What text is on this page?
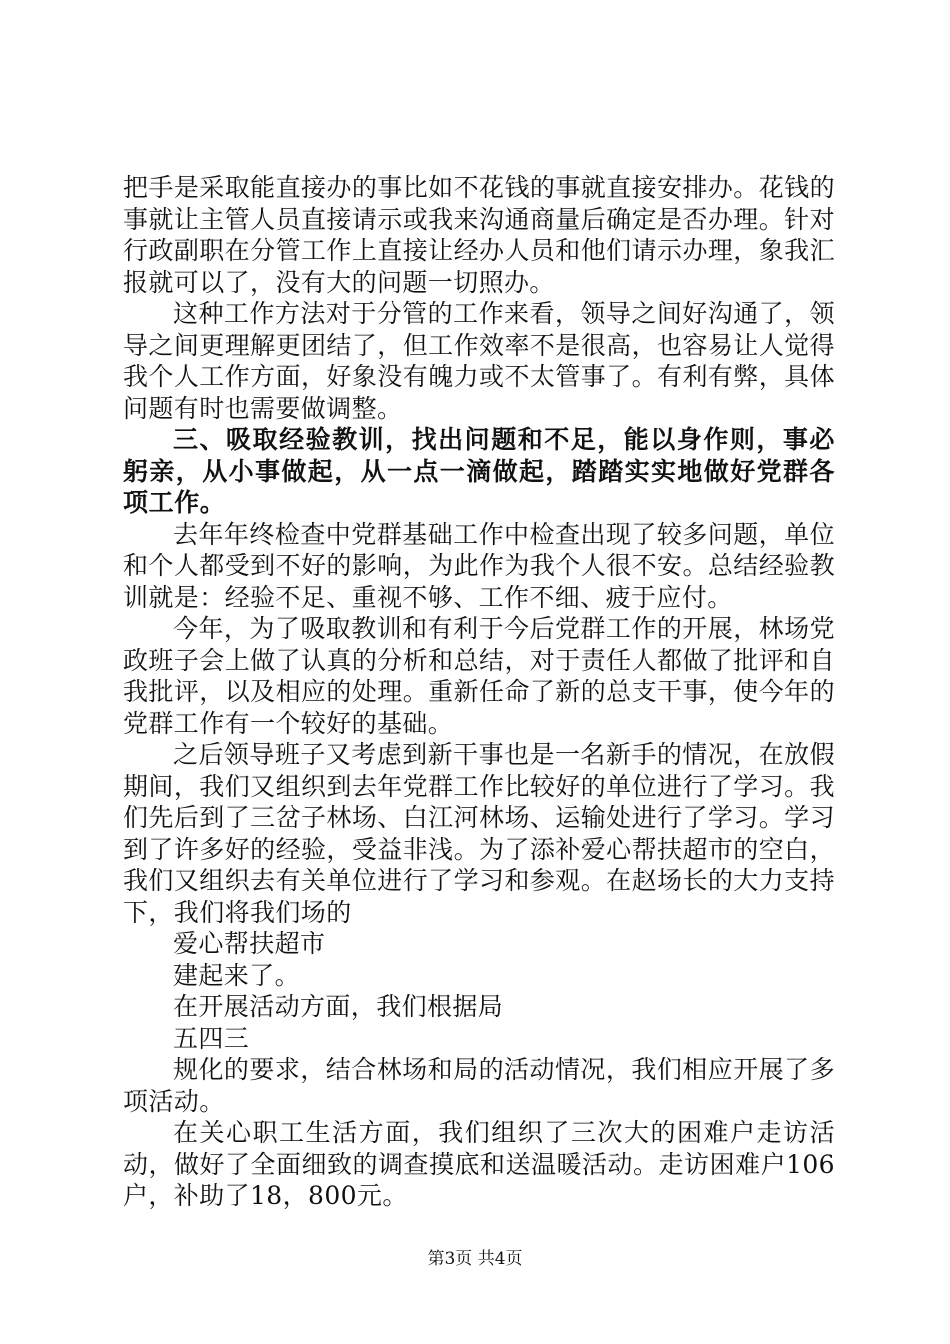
把手是采取能直接办的事比如不花钱的事就直接安排办。花钱的事就让主管人员直接请示或我来沟通商量后确定是否办理。针对行政副职在分管工作上直接让经办人员和他们请示办理，象我汇报就可以了，没有大的问题一切照办。

这种工作方法对于分管的工作来看，领导之间好沟通了，领导之间更理解更团结了，但工作效率不是很高，也容易让人觉得我个人工作方面，好象没有魄力或不太管事了。有利有弊，具体问题有时也需要做调整。

三、吸取经验教训，找出问题和不足，能以身作则，事必躬亲，从小事做起，从一点一滴做起，踏踏实实地做好党群各项工作。

去年年终检查中党群基础工作中检查出现了较多问题，单位和个人都受到不好的影响，为此作为我个人很不安。总结经验教训就是：经验不足、重视不够、工作不细、疲于应付。

今年，为了吸取教训和有利于今后党群工作的开展，林场党政班子会上做了认真的分析和总结，对于责任人都做了批评和自我批评，以及相应的处理。重新任命了新的总支干事，使今年的党群工作有一个较好的基础。

之后领导班子又考虑到新干事也是一名新手的情况，在放假期间，我们又组织到去年党群工作比较好的单位进行了学习。我们先后到了三岔子林场、白江河林场、运输处进行了学习。学习到了许多好的经验，受益非浅。为了添补爱心帮扶超市的空白，我们又组织去有关单位进行了学习和参观。在赵场长的大力支持下，我们将我们场的

爱心帮扶超市

建起来了。

在开展活动方面，我们根据局

五四三

规化的要求，结合林场和局的活动情况，我们相应开展了多项活动。

在关心职工生活方面，我们组织了三次大的困难户走访活动，做好了全面细致的调查摸底和送温暖活动。走访困难户106户，补助了18，800元。

第3页 共4页
